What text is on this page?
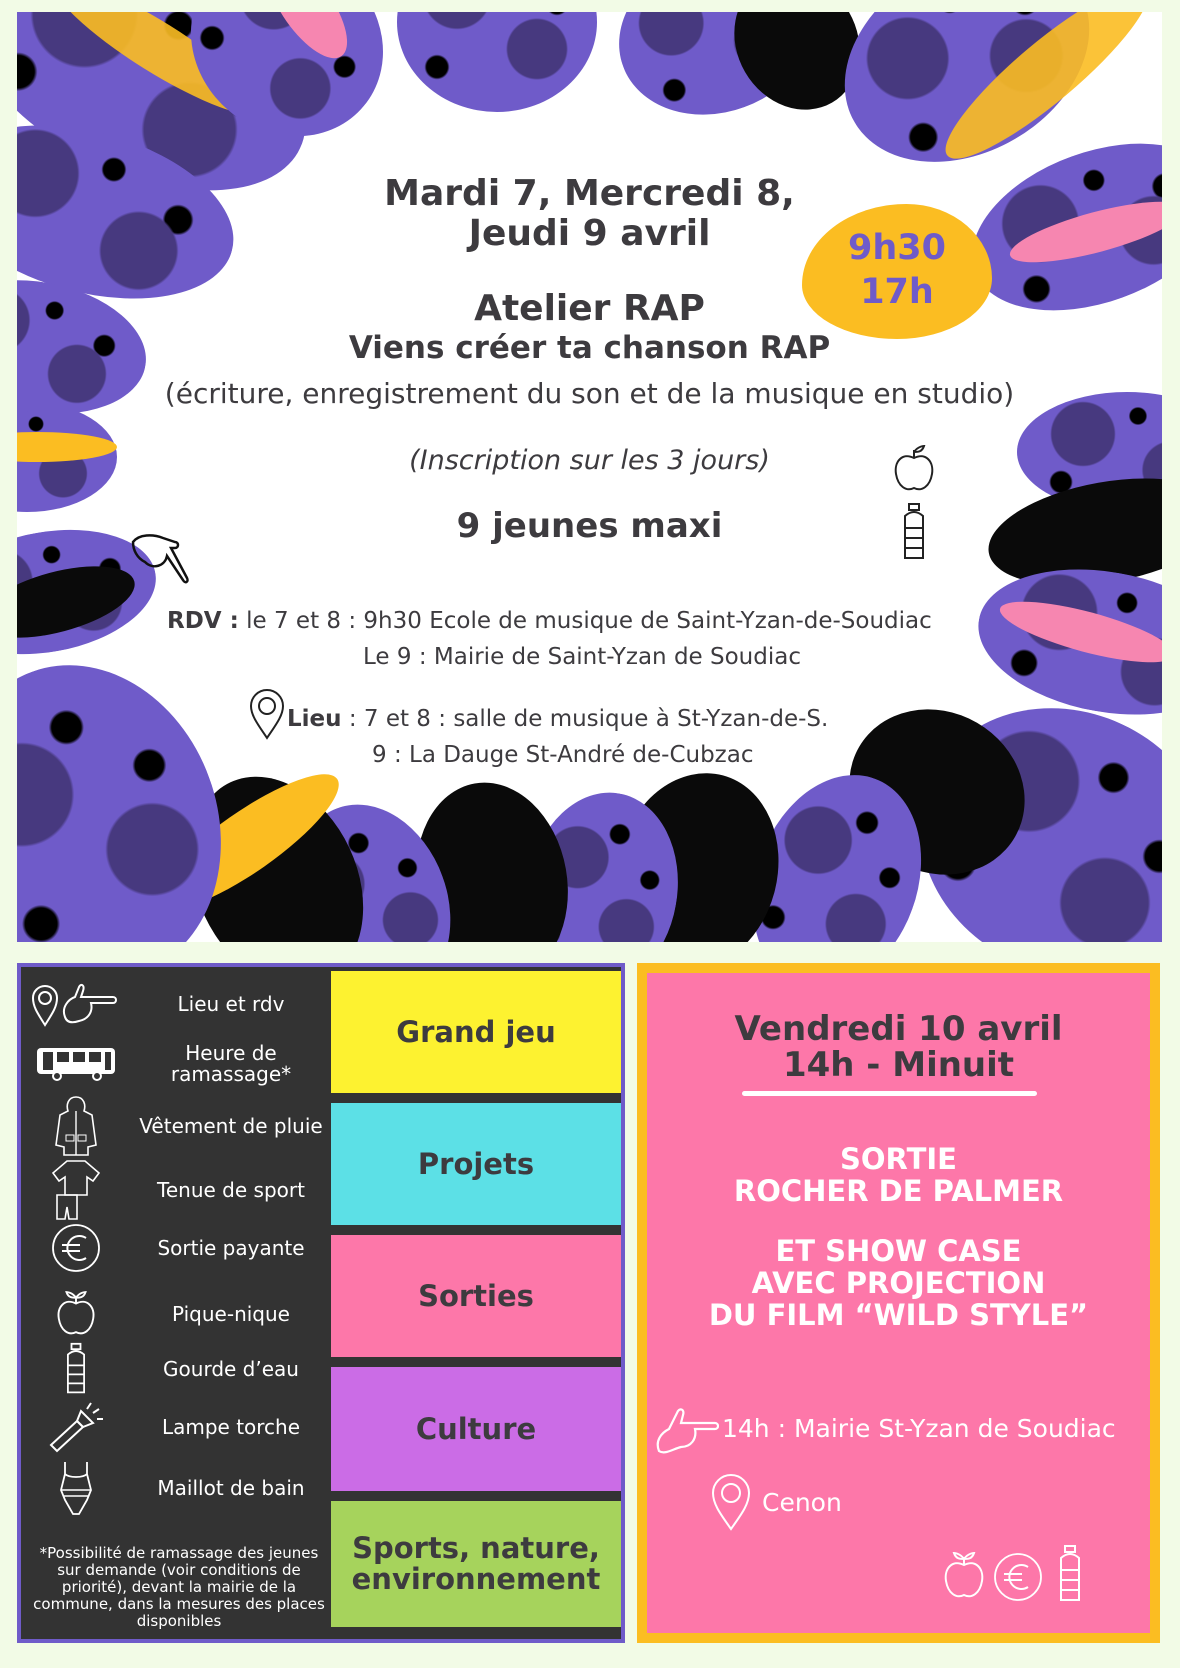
Mardi 7, Mercredi 8,
Jeudi 9 avril	9h30
17h
Atelier RAP
Viens créer ta chanson RAP
(écriture, enregistrement du son et de la musique en studio)
(Inscription sur les 3 jours)
9 jeunes maxi
RDV : le 7 et 8 : 9h30 Ecole de musique de Saint-Yzan-de-Soudiac
Le 9 : Mairie de Saint-Yzan de Soudiac
Lieu : 7 et 8 : salle de musique à St-Yzan-de-S.
9 : La Dauge St-André de-Cubzac
Lieu et rdv
Heure de ramassage*
Vêtement de pluie
Tenue de sport
Sortie payante
Pique-nique
Gourde d’eau
Lampe torche
Maillot de bain
*Possibilité de ramassage des jeunes sur demande (voir conditions de priorité), devant la mairie de la commune, dans la mesures des places disponibles
Grand jeu
Projets
Sorties
Culture
Sports, nature, environnement
Vendredi 10 avril
14h - Minuit
SORTIE
ROCHER DE PALMER
ET SHOW CASE
AVEC PROJECTION
DU FILM “WILD STYLE”
14h : Mairie St-Yzan de Soudiac
Cenon
